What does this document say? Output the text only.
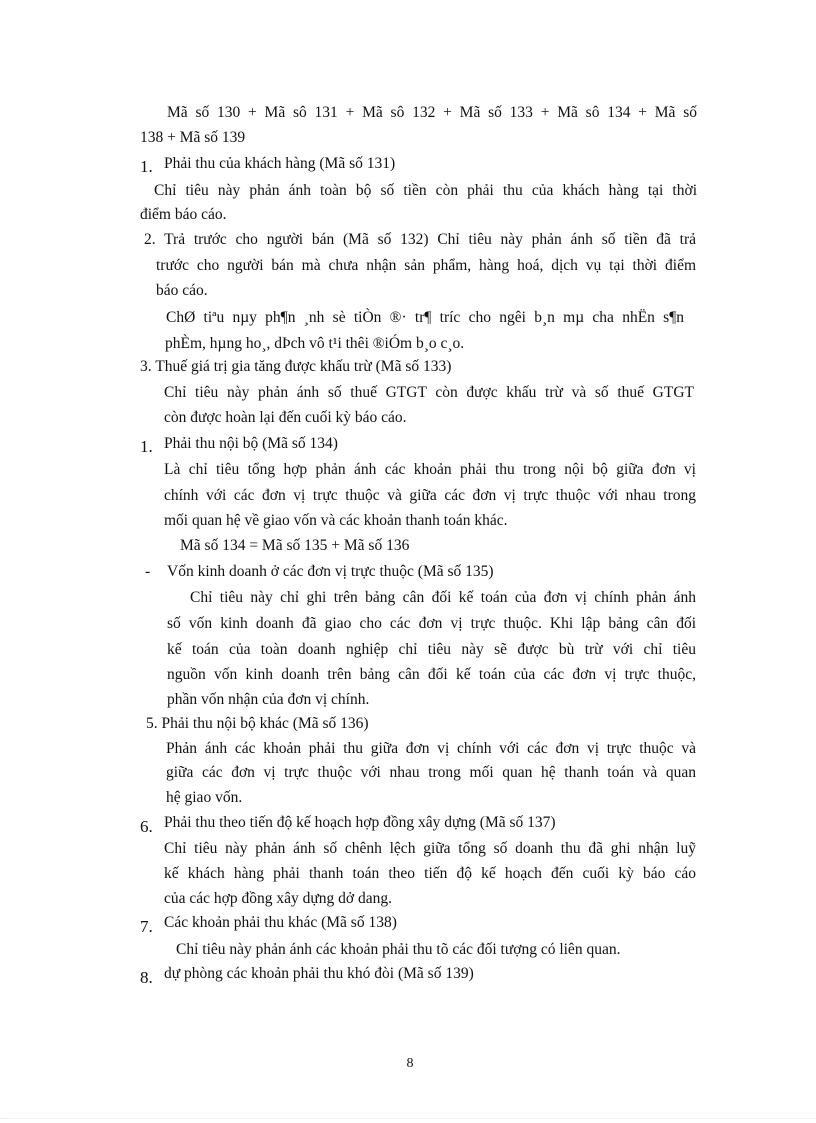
Mã số 130 + Mã sô 131 + Mã sô 132 + Mã số 133 + Mã sô 134 + Mã số
138 + Mã số 139
1. Phải thu của khách hàng (Mã số 131)
Chỉ tiêu này phản ánh toàn bộ số tiền còn phải thu của khách hàng tại thời
điểm báo cáo.
2. Trả trước cho người bán (Mã số 132) Chỉ tiêu này phản ánh số tiền đã trả
trước cho người bán mà chưa nhận sản phẩm, hàng hoá, dịch vụ tại thời điểm
báo cáo.
ChØ tiªu nµy ph¶n ¸nh sè tiÒn ®· tr¶ tríc cho ngêi b¸n mµ cha nhËn s¶n
phÈm, hµng ho¸, dÞch vô t¹i thêi ®iÓm b¸o c¸o.
3. Thuế giá trị gia tăng được khấu trừ (Mã số 133)
Chỉ tiêu này phản ánh số thuế GTGT còn được khấu trừ và số thuế GTGT
còn được hoàn lại đến cuối kỳ báo cáo.
1. Phải thu nội bộ (Mã số 134)
Là chỉ tiêu tổng hợp phản ánh các khoản phải thu trong nội bộ giữa đơn vị
chính với các đơn vị trực thuộc và giữa các đơn vị trực thuộc với nhau trong
mối quan hệ về giao vốn và các khoản thanh toán khác.
Mã số 134 = Mã số 135 + Mã số 136
- Vốn kinh doanh ở các đơn vị trực thuộc (Mã số 135)
Chỉ tiêu này chỉ ghi trên bảng cân đối kế toán của đơn vị chính phản ánh
số vốn kinh doanh đã giao cho các đơn vị trực thuộc. Khi lập bảng cân đối
kế toán của toàn doanh nghiệp chỉ tiêu này sẽ được bù trừ với chỉ tiêu
nguồn vốn kinh doanh trên bảng cân đối kế toán của các đơn vị trực thuộc,
phần vốn nhận của đơn vị chính.
5. Phải thu nội bộ khác (Mã số 136)
Phản ánh các khoản phải thu giữa đơn vị chính với các đơn vị trực thuộc và
giữa các đơn vị trực thuộc với nhau trong mối quan hệ thanh toán và quan
hệ giao vốn.
6. Phải thu theo tiến độ kế hoạch hợp đồng xây dựng (Mã số 137)
Chỉ tiêu này phản ánh số chênh lệch giữa tổng số doanh thu đã ghi nhận luỹ
kế khách hàng phải thanh toán theo tiến độ kế hoạch đến cuối kỳ báo cáo
của các hợp đồng xây dựng dở dang.
7. Các khoản phải thu khác (Mã số 138)
Chỉ tiêu này phản ánh các khoản phải thu tõ các đối tượng có liên quan.
8. dự phòng các khoản phải thu khó đòi (Mã số 139)
8
